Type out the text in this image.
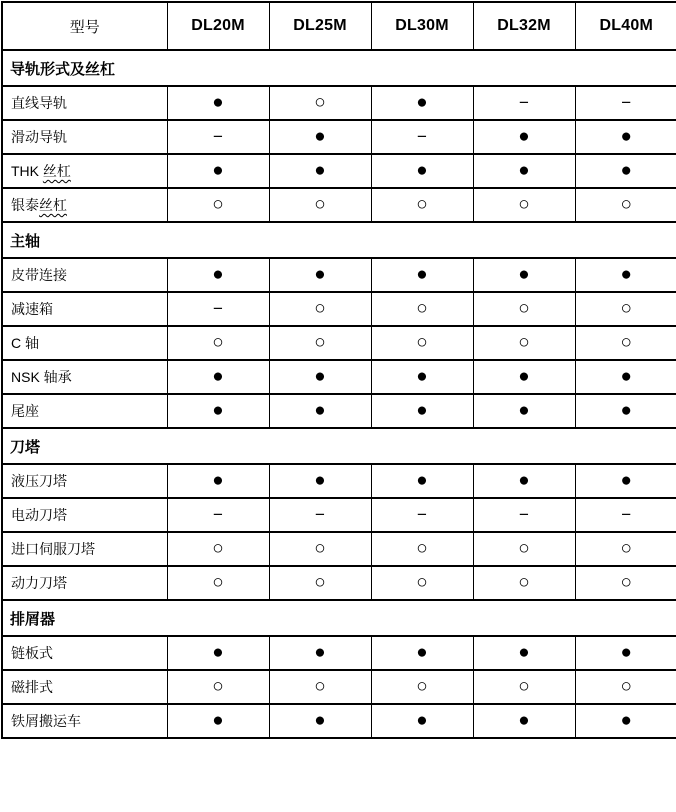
型号	DL20M	DL25M	DL30M	DL32M	DL40M
导轨形式及丝杠					
直线导轨	●	○	●	−	−
滑动导轨	−	●	−	●	●
THK 丝杠	●	●	●	●	●
银泰丝杠	○	○	○	○	○
主轴					
皮带连接	●	●	●	●	●
减速箱	−	○	○	○	○
C 轴	○	○	○	○	○
NSK 轴承	●	●	●	●	●
尾座	●	●	●	●	●
刀塔					
液压刀塔	●	●	●	●	●
电动刀塔	−	−	−	−	−
进口伺服刀塔	○	○	○	○	○
动力刀塔	○	○	○	○	○
排屑器					
链板式	●	●	●	●	●
磁排式	○	○	○	○	○
铁屑搬运车	●	●	●	●	●
